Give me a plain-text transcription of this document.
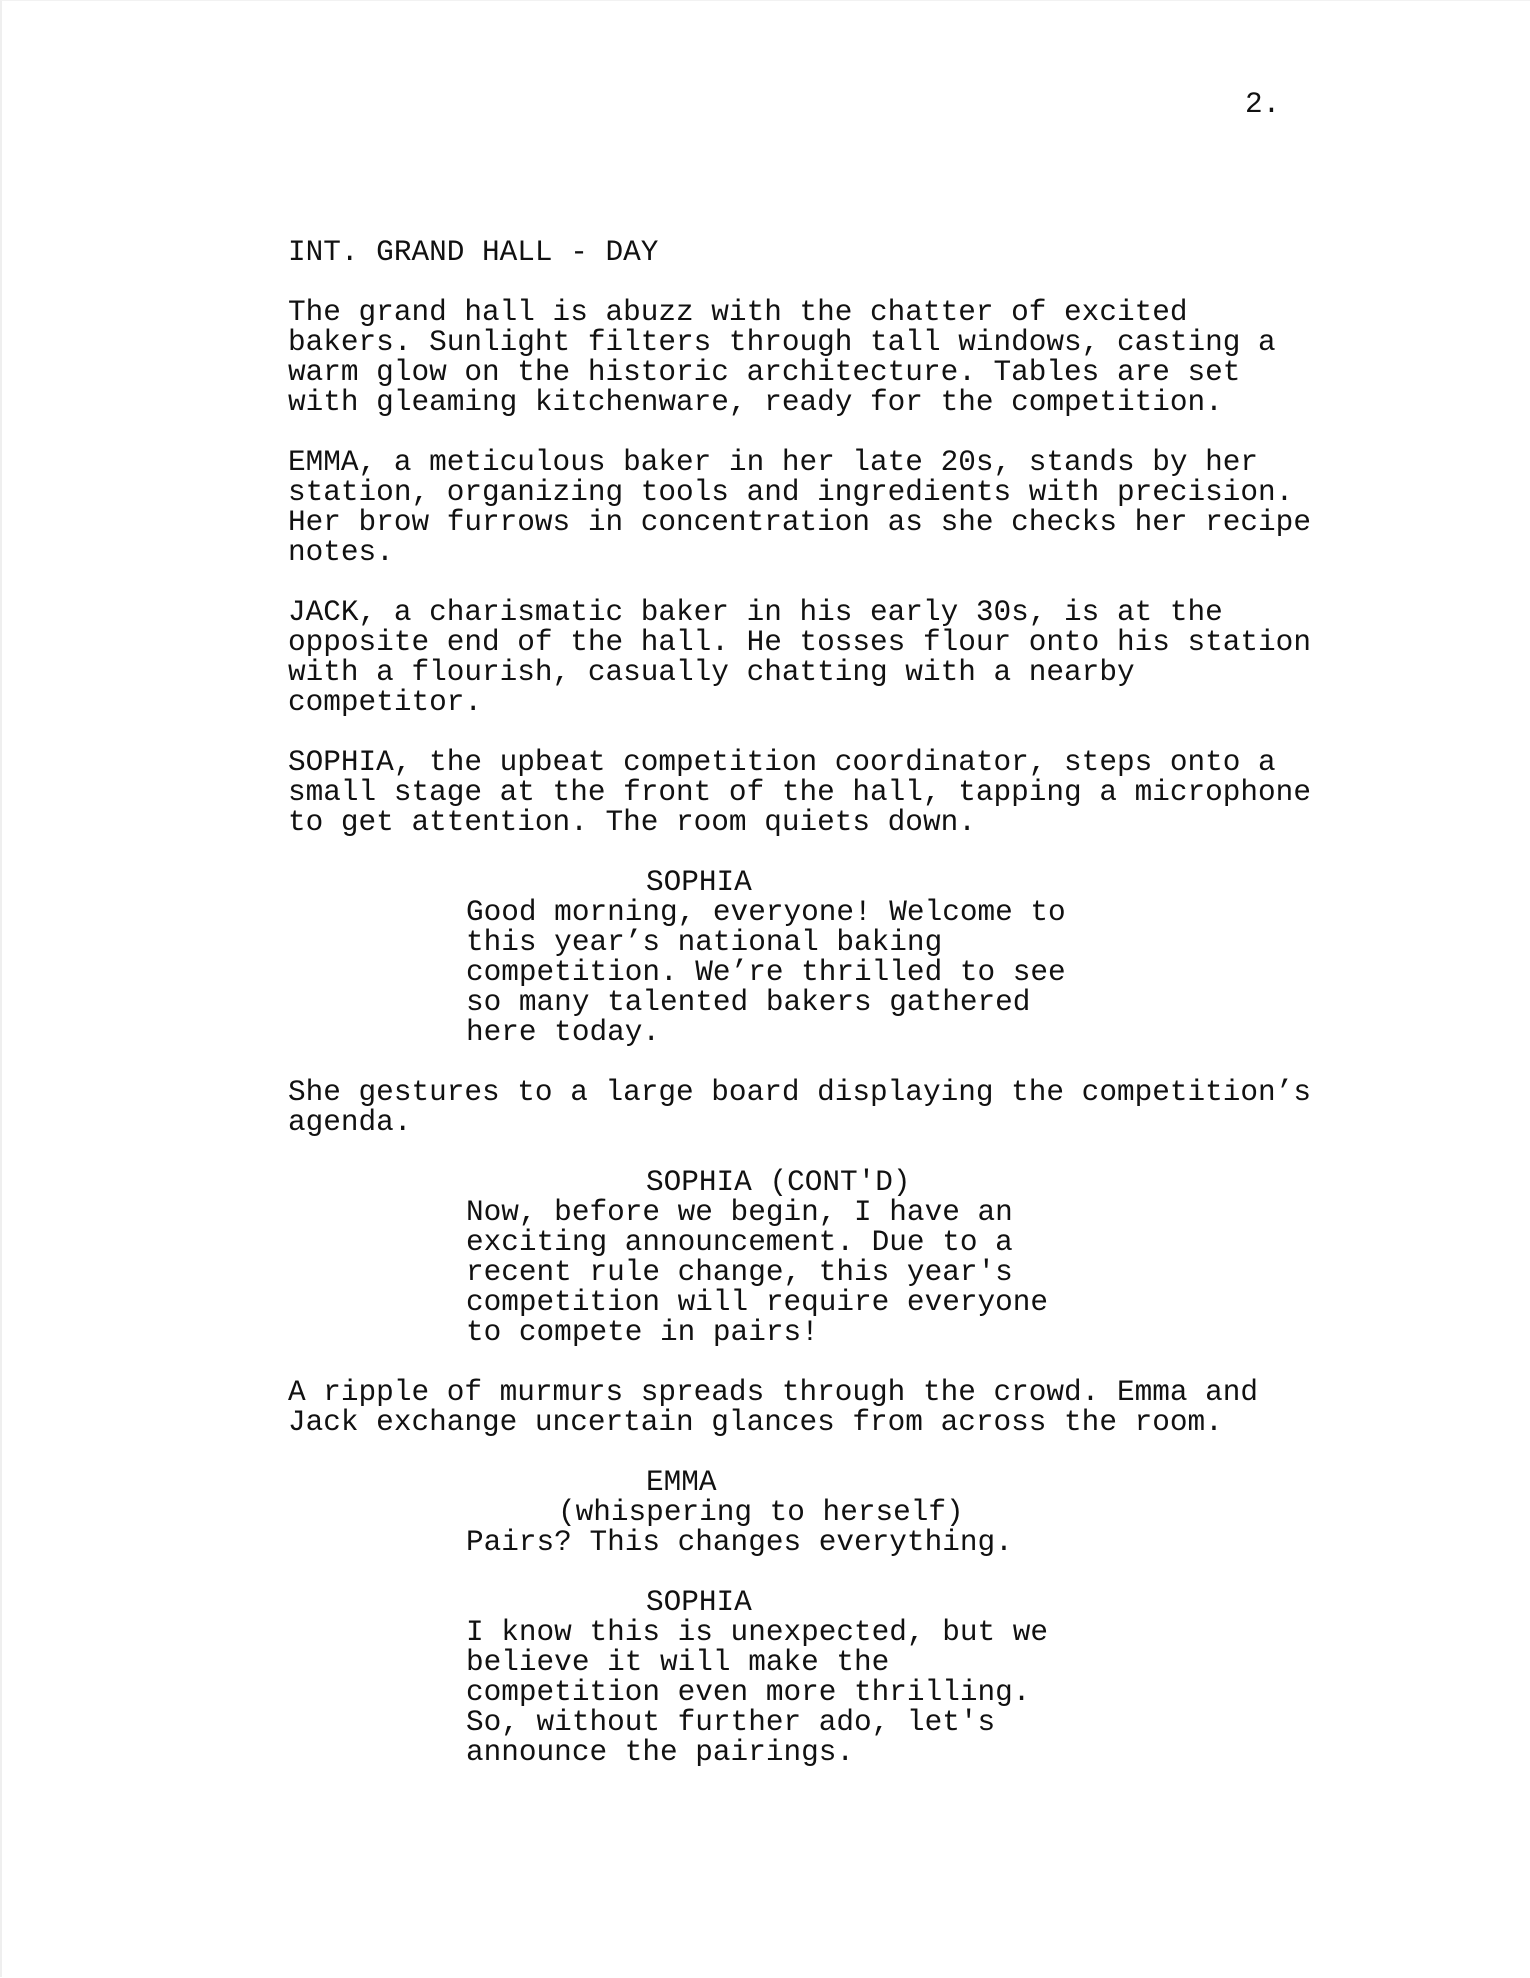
2.
INT. GRAND HALL - DAY
The grand hall is abuzz with the chatter of excited
bakers. Sunlight filters through tall windows, casting a
warm glow on the historic architecture. Tables are set
with gleaming kitchenware, ready for the competition.
EMMA, a meticulous baker in her late 20s, stands by her
station, organizing tools and ingredients with precision.
Her brow furrows in concentration as she checks her recipe
notes.
JACK, a charismatic baker in his early 30s, is at the
opposite end of the hall. He tosses flour onto his station
with a flourish, casually chatting with a nearby
competitor.
SOPHIA, the upbeat competition coordinator, steps onto a
small stage at the front of the hall, tapping a microphone
to get attention. The room quiets down.
SOPHIA
Good morning, everyone! Welcome to
this year’s national baking
competition. We’re thrilled to see
so many talented bakers gathered
here today.
She gestures to a large board displaying the competition’s
agenda.
SOPHIA (CONT'D)
Now, before we begin, I have an
exciting announcement. Due to a
recent rule change, this year's
competition will require everyone
to compete in pairs!
A ripple of murmurs spreads through the crowd. Emma and
Jack exchange uncertain glances from across the room.
EMMA
(whispering to herself)
Pairs? This changes everything.
SOPHIA
I know this is unexpected, but we
believe it will make the
competition even more thrilling.
So, without further ado, let's
announce the pairings.
